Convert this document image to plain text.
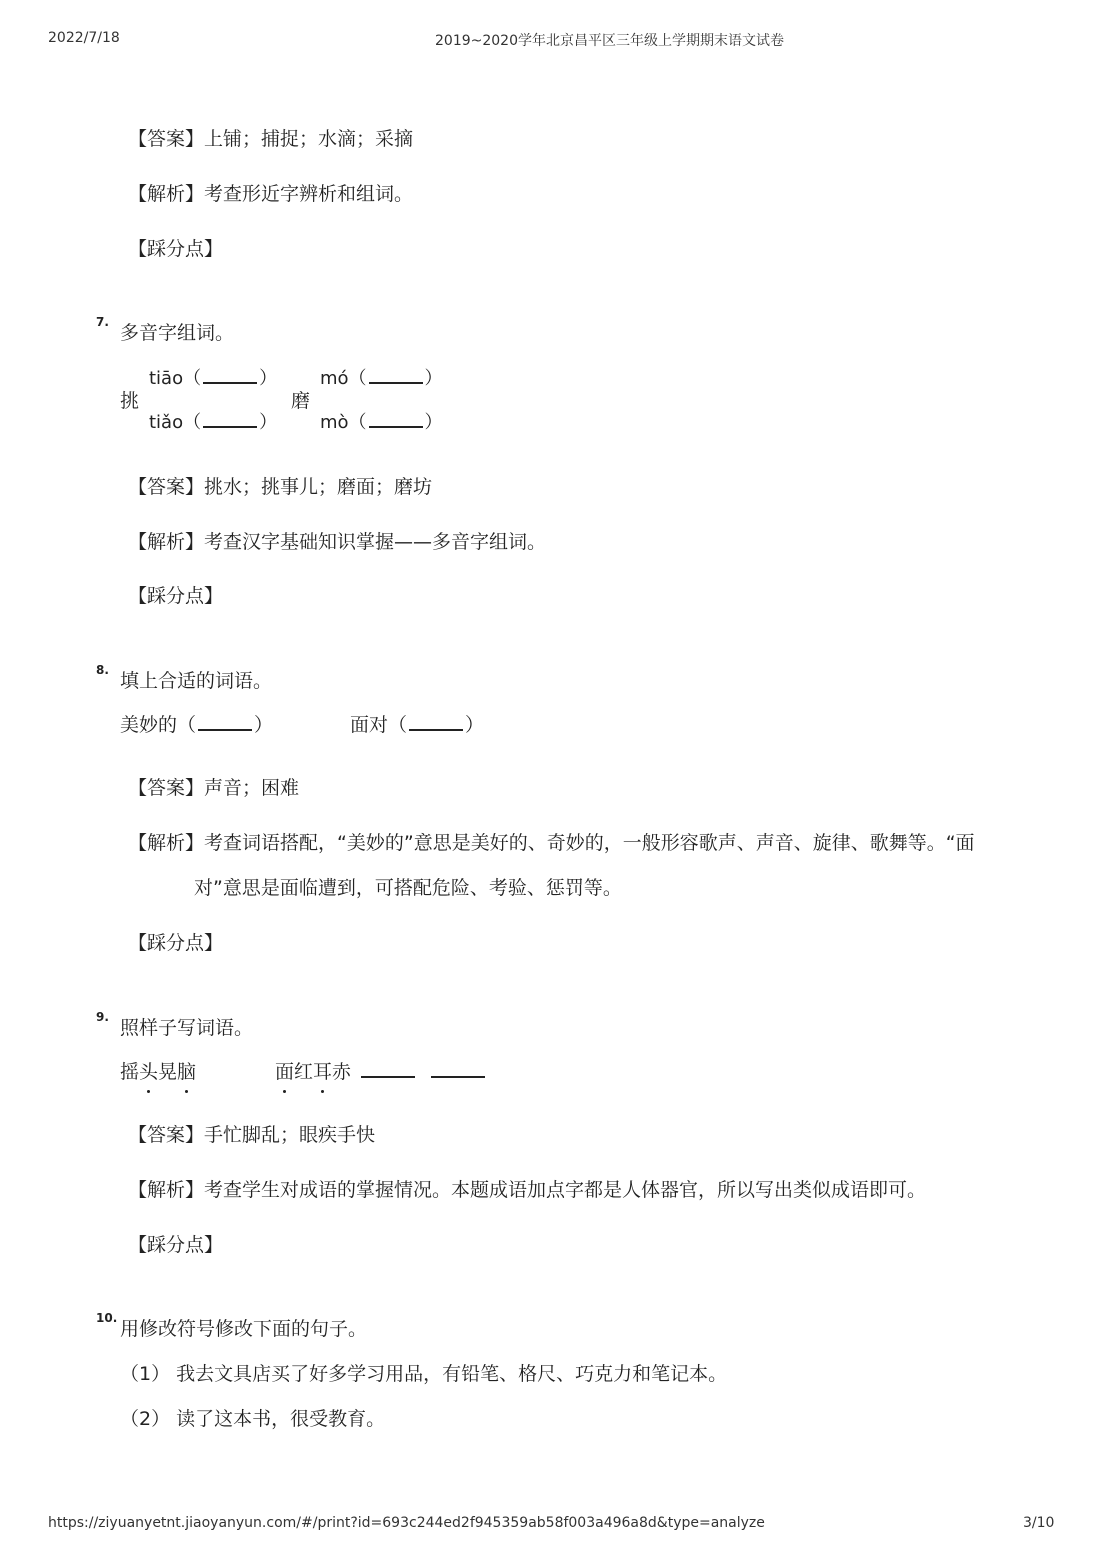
2022/7/18	2019~2020学年北京昌平区三年级上学期期末语文试卷
【答案】上铺；捕捉；水滴；采摘
【解析】考查形近字辨析和组词。
【踩分点】
7. 多音字组词。
挑
tiāo（	）
tiǎo（	）
磨
mó（	）
mò（	）
【答案】挑水；挑事儿；磨面；磨坊
【解析】考查汉字基础知识掌握——多音字组词。
【踩分点】
8. 填上合适的词语。
美妙的（	）	面对（	）
【答案】声音；困难
【解析】考查词语搭配，“美妙的”意思是美好的、奇妙的，一般形容歌声、声音、旋律、歌舞等。“面
对”意思是面临遭到，可搭配危险、考验、惩罚等。
【踩分点】
9. 照样子写词语。
摇头晃脑	面红耳赤
【答案】手忙脚乱；眼疾手快
【解析】考查学生对成语的掌握情况。本题成语加点字都是人体器官，所以写出类似成语即可。
【踩分点】
10. 用修改符号修改下面的句子。
（1） 我去文具店买了好多学习用品，有铅笔、格尺、巧克力和笔记本。
（2） 读了这本书，很受教育。
https://ziyuanyetnt.jiaoyanyun.com/#/print?id=693c244ed2f945359ab58f003a496a8d&type=analyze	3/10
